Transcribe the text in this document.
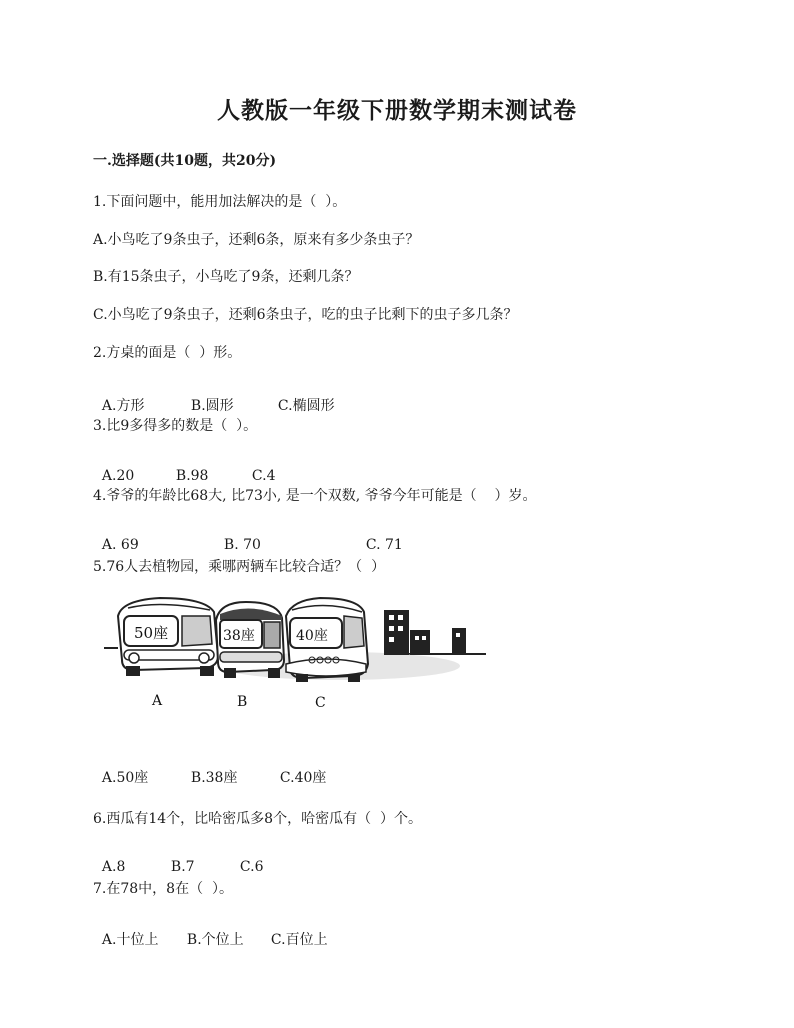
人教版一年级下册数学期末测试卷
一.选择题(共10题，共20分)
1.下面问题中，能用加法解决的是（  ）。
A.小鸟吃了9条虫子，还剩6条，原来有多少条虫子？
B.有15条虫子，小鸟吃了9条，还剩几条？
C.小鸟吃了9条虫子，还剩6条虫子，吃的虫子比剩下的虫子多几条？
2.方桌的面是（  ）形。

A.方形	B.圆形	C.椭圆形

3.比9多得多的数是（  ）。

A.20	B.98	C.4

4.爷爷的年龄比68大, 比73小, 是一个双数, 爷爷今年可能是（    ）岁。

A. 69	B. 70	C. 71

5.76人去植物园，乘哪两辆车比较合适？（  ）
50座	38座	40座
A	B	C

A.50座	B.38座	C.40座

6.西瓜有14个，比哈密瓜多8个，哈密瓜有（  ）个。

A.8	B.7	C.6

7.在78中，8在（  ）。

A.十位上 B.个位上 C.百位上
